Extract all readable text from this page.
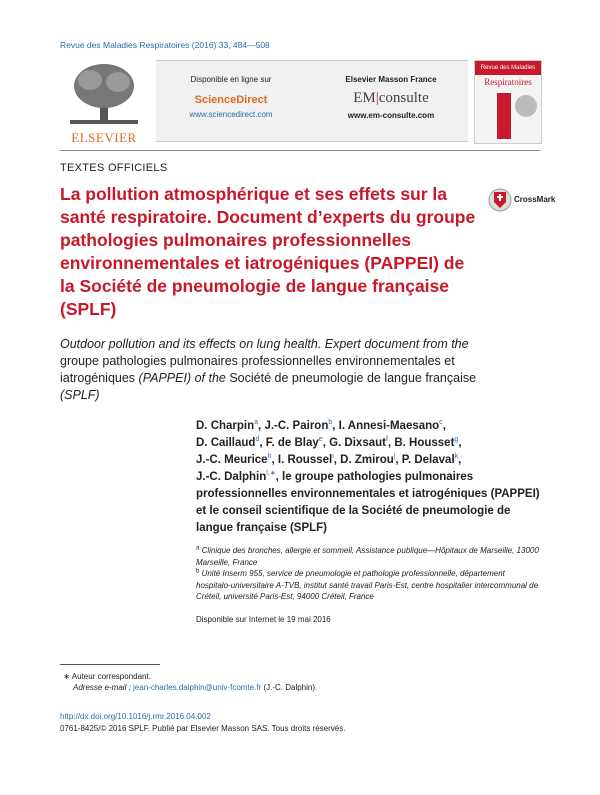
Revue des Maladies Respiratoires (2016) 33, 484—508
ELSEVIER
Disponible en ligne sur
ScienceDirect
www.sciencedirect.com
Elsevier Masson France
EM|consulte
www.em-consulte.com
Revue des Maladies
Respiratoires
TEXTES OFFICIELS
La pollution atmosphérique et ses effets sur la santé respiratoire. Document d’experts du groupe pathologies pulmonaires professionnelles environnementales et iatrogéniques (PAPPEI) de la Société de pneumologie de langue française (SPLF)
CrossMark
Outdoor pollution and its effects on lung health. Expert document from the
groupe pathologies pulmonaires professionnelles environnementales et
iatrogéniques (PAPPEI) of the Société de pneumologie de langue française
(SPLF)
D. Charpin$^a$, J.-C. Pairon$^b$, I. Annesi-Maesano$^c$,
D. Caillaud$^d$, F. de Blay$^e$, G. Dixsaut$^f$, B. Housset$^g$,
J.-C. Meurice$^h$, I. Roussel$^i$, D. Zmirou$^j$, P. Delaval$^k$,
J.-C. Dalphin$^{l,∗}$, le groupe pathologies pulmonaires professionnelles environnementales et iatrogéniques (PAPPEI) et le conseil scientifique de la Société de pneumologie de langue française (SPLF)
$^a$ Clinique des bronches, allergie et sommeil, Assistance publique—Hôpitaux de Marseille, 13000 Marseille, France
$^b$ Unité Inserm 955, service de pneumologie et pathologie professionnelle, département hospitalo-universitaire A-TVB, institut santé travail Paris-Est, centre hospitalier intercommunal de Créteil, université Paris-Est, 94000 Créteil, France
Disponible sur Internet le 19 mai 2016
∗ Auteur correspondant.
Adresse e-mail : jean-charles.dalphin@univ-fcomte.fr (J.-C. Dalphin).
http://dx.doi.org/10.1016/j.rmr.2016.04.002
0761-8425/© 2016 SPLF. Publié par Elsevier Masson SAS. Tous droits réservés.
